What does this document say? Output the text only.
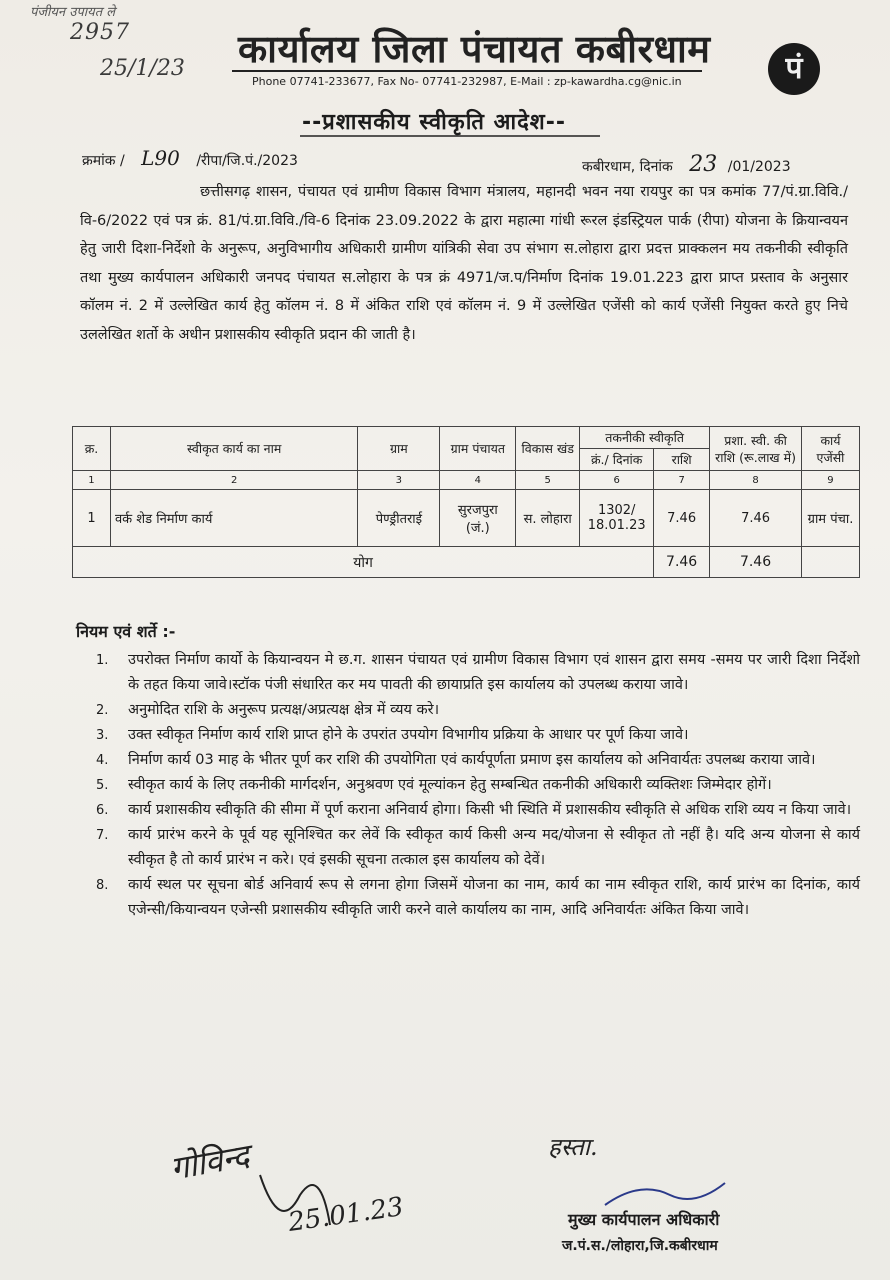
पंजीयन उपायत ले
2957
25/1/23 कार्यालय जिला पंचायत कबीरधाम
Phone 07741-233677, Fax No- 07741-232987, E-Mail : zp-kawardha.cg@nic.in	पं
--प्रशासकीय स्वीकृति आदेश--
क्रमांक / L90 /रीपा/जि.पं./2023	कबीरधाम, दिनांक 23 /01/2023
छत्तीसगढ़ शासन, पंचायत एवं ग्रामीण विकास विभाग मंत्रालय, महानदी भवन नया रायपुर का पत्र कमांक 77/पं.ग्रा.विवि./वि-6/2022 एवं पत्र क्रं. 81/पं.ग्रा.विवि./वि-6 दिनांक 23.09.2022 के द्वारा महात्मा गांधी रूरल इंडस्ट्रियल पार्क (रीपा) योजना के क्रियान्वयन हेतु जारी दिशा-निर्देशो के अनुरूप, अनुविभागीय अधिकारी ग्रामीण यांत्रिकी सेवा उप संभाग स.लोहारा द्वारा प्रदत्त प्राक्कलन मय तकनीकी स्वीकृति तथा मुख्य कार्यपालन अधिकारी जनपद पंचायत स.लोहारा के पत्र क्रं 4971/ज.प/निर्माण दिनांक 19.01.223 द्वारा प्राप्त प्रस्ताव के अनुसार कॉलम नं. 2 में उल्लेखित कार्य हेतु कॉलम नं. 8 में अंकित राशि एवं कॉलम नं. 9 में उल्लेखित एजेंसी को कार्य एजेंसी नियुक्त करते हुए निचे उललेखित शर्तो के अधीन प्रशासकीय स्वीकृति प्रदान की जाती है।
क्र.	स्वीकृत कार्य का नाम	ग्राम	ग्राम पंचायत	विकास खंड	तकनीकी स्वीकृति		प्रशा. स्वी. की राशि (रू.लाख में)	कार्य एजेंसी
					क्रं./ दिनांक	राशि		
1	2	3	4	5	6	7	8	9
1	वर्क शेड निर्माण कार्य	पेण्ड्रीतराई	सुरजपुरा (जं.)	स. लोहारा	1302/ 18.01.23	7.46	7.46	ग्राम पंचा.
योग						7.46	7.46	
नियम एवं शर्ते :-
1.	उपरोक्त निर्माण कार्यो के कियान्वयन मे छ.ग. शासन पंचायत एवं ग्रामीण विकास विभाग एवं शासन द्वारा समय -समय पर जारी दिशा निर्देशो के तहत किया जावे।स्टॉक पंजी संधारित कर मय पावती की छायाप्रति इस कार्यालय को उपलब्ध कराया जावे।
2.	अनुमोदित राशि के अनुरूप प्रत्यक्ष/अप्रत्यक्ष क्षेत्र में व्यय करे।
3.	उक्त स्वीकृत निर्माण कार्य राशि प्राप्त होने के उपरांत उपयोग विभागीय प्रक्रिया के आधार पर पूर्ण किया जावे।
4.	निर्माण कार्य 03 माह के भीतर पूर्ण कर राशि की उपयोगिता एवं कार्यपूर्णता प्रमाण इस कार्यालय को अनिवार्यतः उपलब्ध कराया जावे।
5.	स्वीकृत कार्य के लिए तकनीकी मार्गदर्शन, अनुश्रवण एवं मूल्यांकन हेतु सम्बन्धित तकनीकी अधिकारी व्यक्तिशः जिम्मेदार होगें।
6.	कार्य प्रशासकीय स्वीकृति की सीमा में पूर्ण कराना अनिवार्य होगा। किसी भी स्थिति में प्रशासकीय स्वीकृति से अधिक राशि व्यय न किया जावे।
7.	कार्य प्रारंभ करने के पूर्व यह सूनिश्चित कर लेवें कि स्वीकृत कार्य किसी अन्य मद/योजना से स्वीकृत तो नहीं है। यदि अन्य योजना से कार्य स्वीकृत है तो कार्य प्रारंभ न करे। एवं इसकी सूचना तत्काल इस कार्यालय को देवें।
8.	कार्य स्थल पर सूचना बोर्ड अनिवार्य रूप से लगना होगा जिसमें योजना का नाम, कार्य का नाम स्वीकृत राशि, कार्य प्रारंभ का दिनांक, कार्य एजेन्सी/कियान्वयन एजेन्सी प्रशासकीय स्वीकृति जारी करने वाले कार्यालय का नाम, आदि अनिवार्यतः अंकित किया जावे।
गोविन्द
25.01.23
हस्ता.
मुख्य कार्यपालन अधिकारी
ज.पं.स./लोहारा,जि.कबीरधाम
